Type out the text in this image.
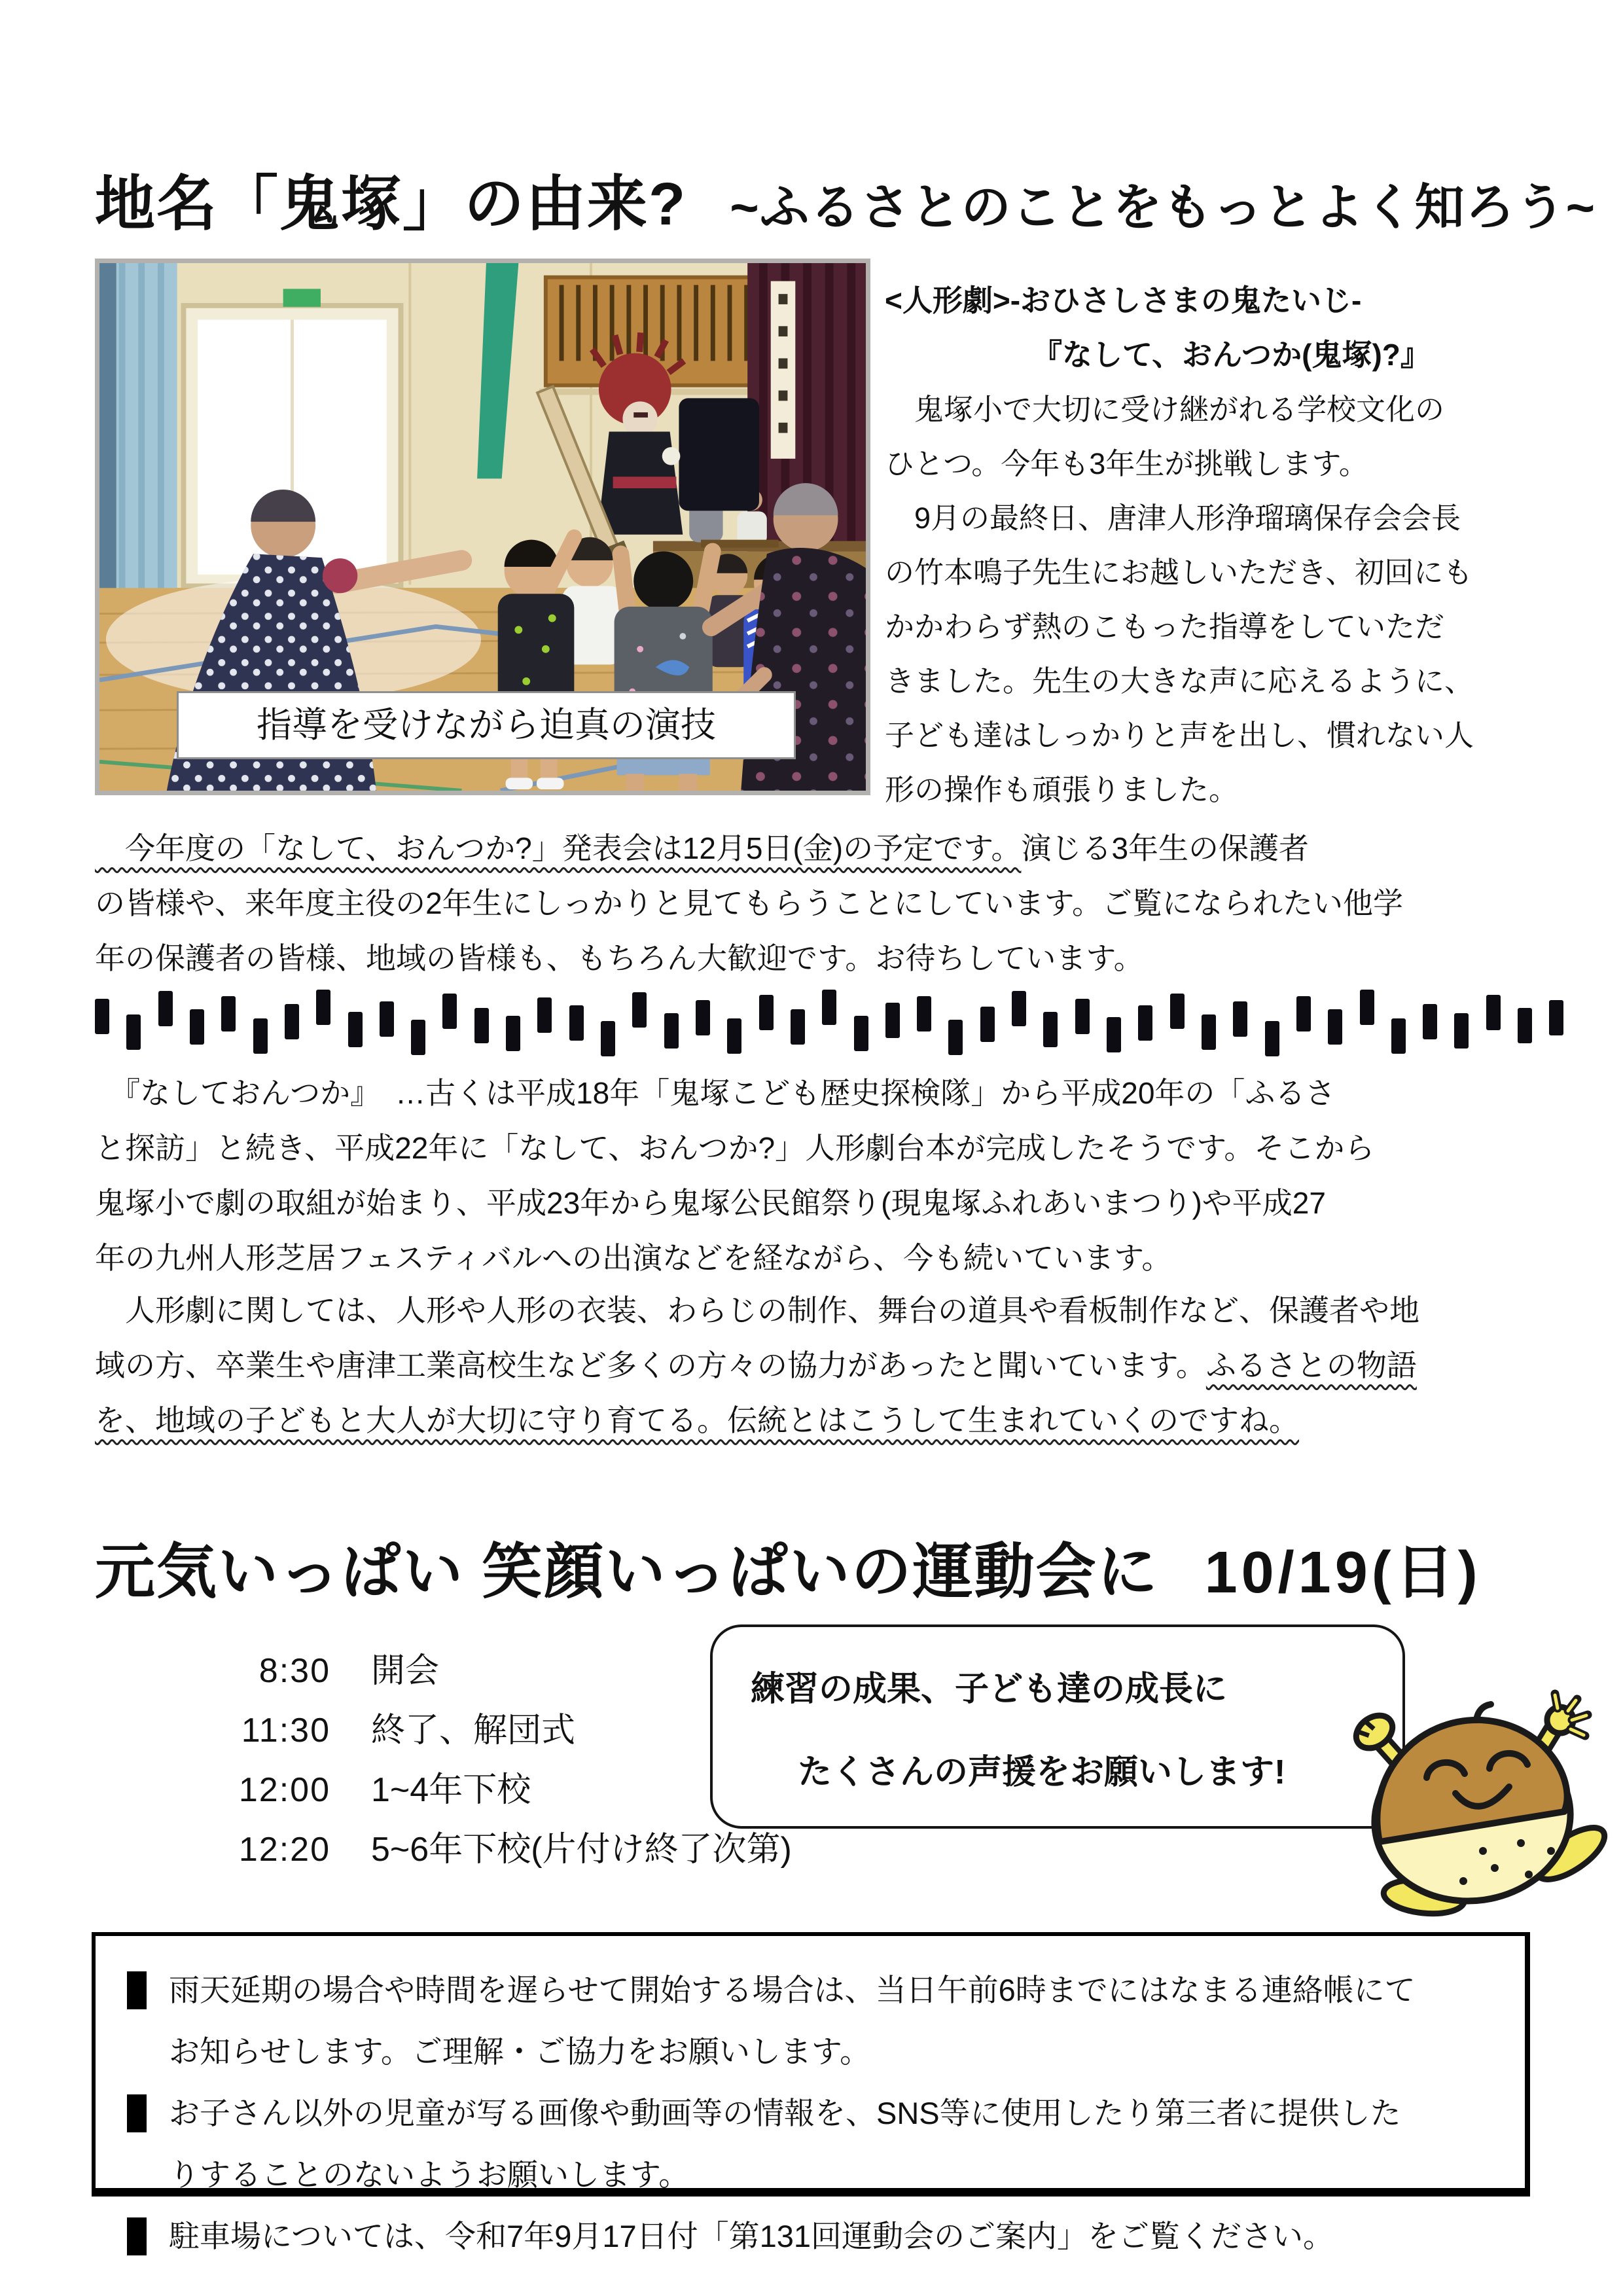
地名「鬼塚」の由来? ~ふるさとのことをもっとよく知ろう~
指導を受けながら迫真の演技
<人形劇>-おひさしさまの鬼たいじ-
『なして、おんつか(鬼塚)?』
　鬼塚小で大切に受け継がれる学校文化の
ひとつ。今年も3年生が挑戦します。
　9月の最終日、唐津人形浄瑠璃保存会会長
の竹本鳴子先生にお越しいただき、初回にも
かかわらず熱のこもった指導をしていただ
きました。先生の大きな声に応えるように、
子ども達はしっかりと声を出し、慣れない人
形の操作も頑張りました。
　今年度の「なして、おんつか?」発表会は12月5日(金)の予定です。演じる3年生の保護者
の皆様や、来年度主役の2年生にしっかりと見てもらうことにしています。ご覧になられたい他学
年の保護者の皆様、地域の皆様も、もちろん大歓迎です。お待ちしています。
　『なしておんつか』　…古くは平成18年「鬼塚こども歴史探検隊」から平成20年の「ふるさ
と探訪」と続き、平成22年に「なして、おんつか?」人形劇台本が完成したそうです。そこから
鬼塚小で劇の取組が始まり、平成23年から鬼塚公民館祭り(現鬼塚ふれあいまつり)や平成27
年の九州人形芝居フェスティバルへの出演などを経ながら、今も続いています。
　人形劇に関しては、人形や人形の衣装、わらじの制作、舞台の道具や看板制作など、保護者や地
域の方、卒業生や唐津工業高校生など多くの方々の協力があったと聞いています。ふるさとの物語
を、地域の子どもと大人が大切に守り育てる。伝統とはこうして生まれていくのですね。
元気いっぱい 笑顔いっぱいの運動会に 10/19(日)
8:30 開会
11:30 終了、解団式
12:00 1~4年下校
12:20 5~6年下校(片付け終了次第)
練習の成果、子ども達の成長に
たくさんの声援をお願いします!
雨天延期の場合や時間を遅らせて開始する場合は、当日午前6時までにはなまる連絡帳にて
お知らせします。ご理解・ご協力をお願いします。
お子さん以外の児童が写る画像や動画等の情報を、SNS等に使用したり第三者に提供した
りすることのないようお願いします。
駐車場については、令和7年9月17日付「第131回運動会のご案内」をご覧ください。
